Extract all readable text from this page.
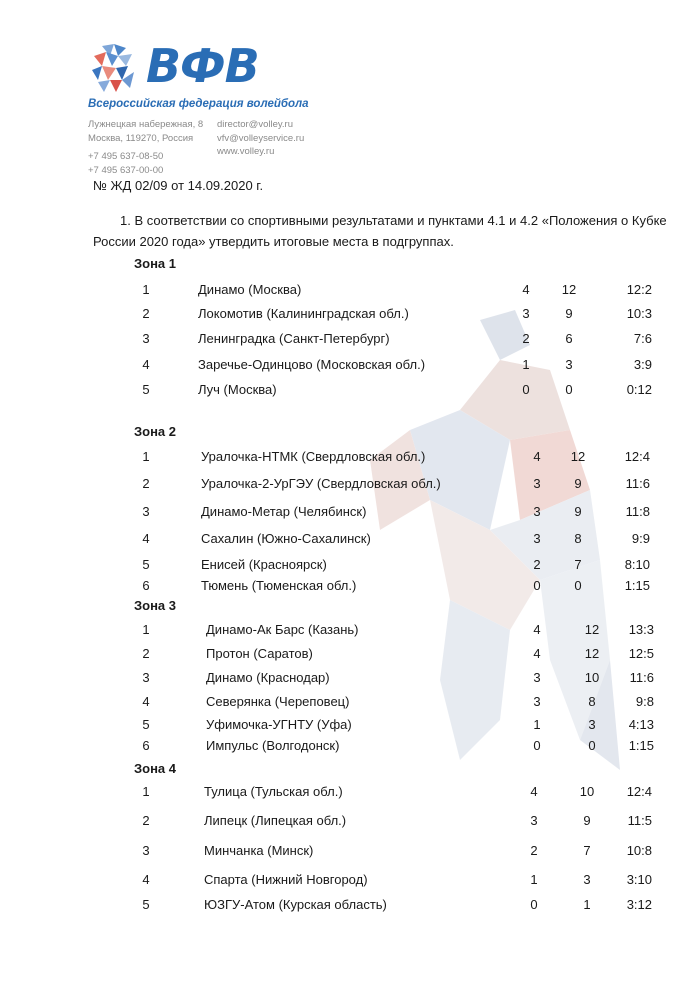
ВФВ
Всероссийская федерация волейбола
Лужнецкая набережная, 8
Москва, 119270, Россия
director@volley.ru
vfv@volleyservice.ru
www.volley.ru
+7 495 637-08-50
+7 495 637-00-00
№ ЖД 02/09 от 14.09.2020 г.
1. В соответствии со спортивными результатами и пунктами 4.1 и 4.2 «Положения о Кубке России 2020 года» утвердить итоговые места в подгруппах.
Зона 1
1	Динамо (Москва)	4	12	12:2
2	Локомотив (Калининградская обл.)	3	9	10:3
3	Ленинградка (Санкт-Петербург)	2	6	7:6
4	Заречье-Одинцово (Московская обл.)	1	3	3:9
5	Луч (Москва)	0	0	0:12
Зона 2
1	Уралочка-НТМК (Свердловская обл.)	4	12	12:4
2	Уралочка-2-УрГЭУ (Свердловская обл.)	3	9	11:6
3	Динамо-Метар (Челябинск)	3	9	11:8
4	Сахалин (Южно-Сахалинск)	3	8	9:9
5	Енисей (Красноярск)	2	7	8:10
6	Тюмень (Тюменская обл.)	0	0	1:15
Зона 3
1	Динамо-Ак Барс (Казань)	4	12	13:3
2	Протон (Саратов)	4	12	12:5
3	Динамо (Краснодар)	3	10	11:6
4	Северянка (Череповец)	3	8	9:8
5	Уфимочка-УГНТУ (Уфа)	1	3	4:13
6	Импульс (Волгодонск)	0	0	1:15
Зона 4
1	Тулица (Тульская обл.)	4	10	12:4
2	Липецк (Липецкая обл.)	3	9	11:5
3	Минчанка (Минск)	2	7	10:8
4	Спарта (Нижний Новгород)	1	3	3:10
5	ЮЗГУ-Атом (Курская область)	0	1	3:12
